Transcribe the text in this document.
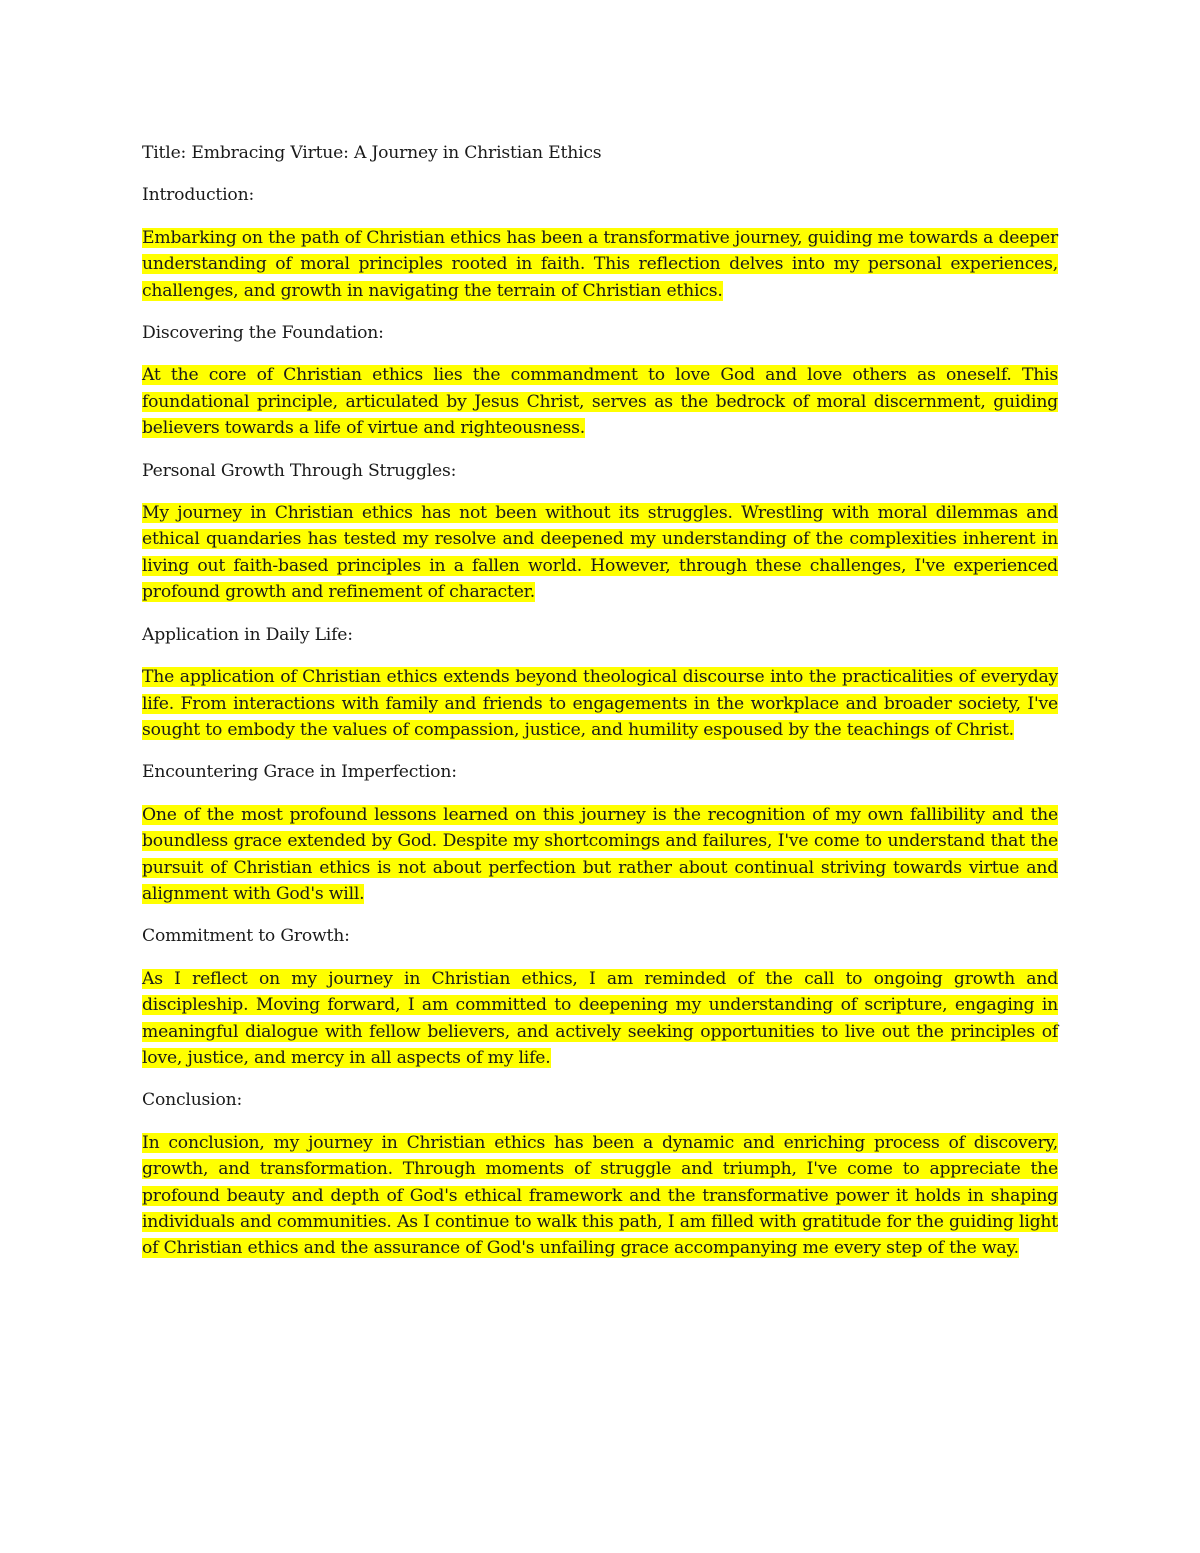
Title: Embracing Virtue: A Journey in Christian Ethics

Introduction:

Embarking on the path of Christian ethics has been a transformative journey, guiding me towards a deeper understanding of moral principles rooted in faith. This reflection delves into my personal experiences, challenges, and growth in navigating the terrain of Christian ethics.

Discovering the Foundation:

At the core of Christian ethics lies the commandment to love God and love others as oneself. This foundational principle, articulated by Jesus Christ, serves as the bedrock of moral discernment, guiding believers towards a life of virtue and righteousness.

Personal Growth Through Struggles:

My journey in Christian ethics has not been without its struggles. Wrestling with moral dilemmas and ethical quandaries has tested my resolve and deepened my understanding of the complexities inherent in living out faith-based principles in a fallen world. However, through these challenges, I've experienced profound growth and refinement of character.

Application in Daily Life:

The application of Christian ethics extends beyond theological discourse into the practicalities of everyday life. From interactions with family and friends to engagements in the workplace and broader society, I've sought to embody the values of compassion, justice, and humility espoused by the teachings of Christ.

Encountering Grace in Imperfection:

One of the most profound lessons learned on this journey is the recognition of my own fallibility and the boundless grace extended by God. Despite my shortcomings and failures, I've come to understand that the pursuit of Christian ethics is not about perfection but rather about continual striving towards virtue and alignment with God's will.

Commitment to Growth:

As I reflect on my journey in Christian ethics, I am reminded of the call to ongoing growth and discipleship. Moving forward, I am committed to deepening my understanding of scripture, engaging in meaningful dialogue with fellow believers, and actively seeking opportunities to live out the principles of love, justice, and mercy in all aspects of my life.

Conclusion:

In conclusion, my journey in Christian ethics has been a dynamic and enriching process of discovery, growth, and transformation. Through moments of struggle and triumph, I've come to appreciate the profound beauty and depth of God's ethical framework and the transformative power it holds in shaping individuals and communities. As I continue to walk this path, I am filled with gratitude for the guiding light of Christian ethics and the assurance of God's unfailing grace accompanying me every step of the way.
